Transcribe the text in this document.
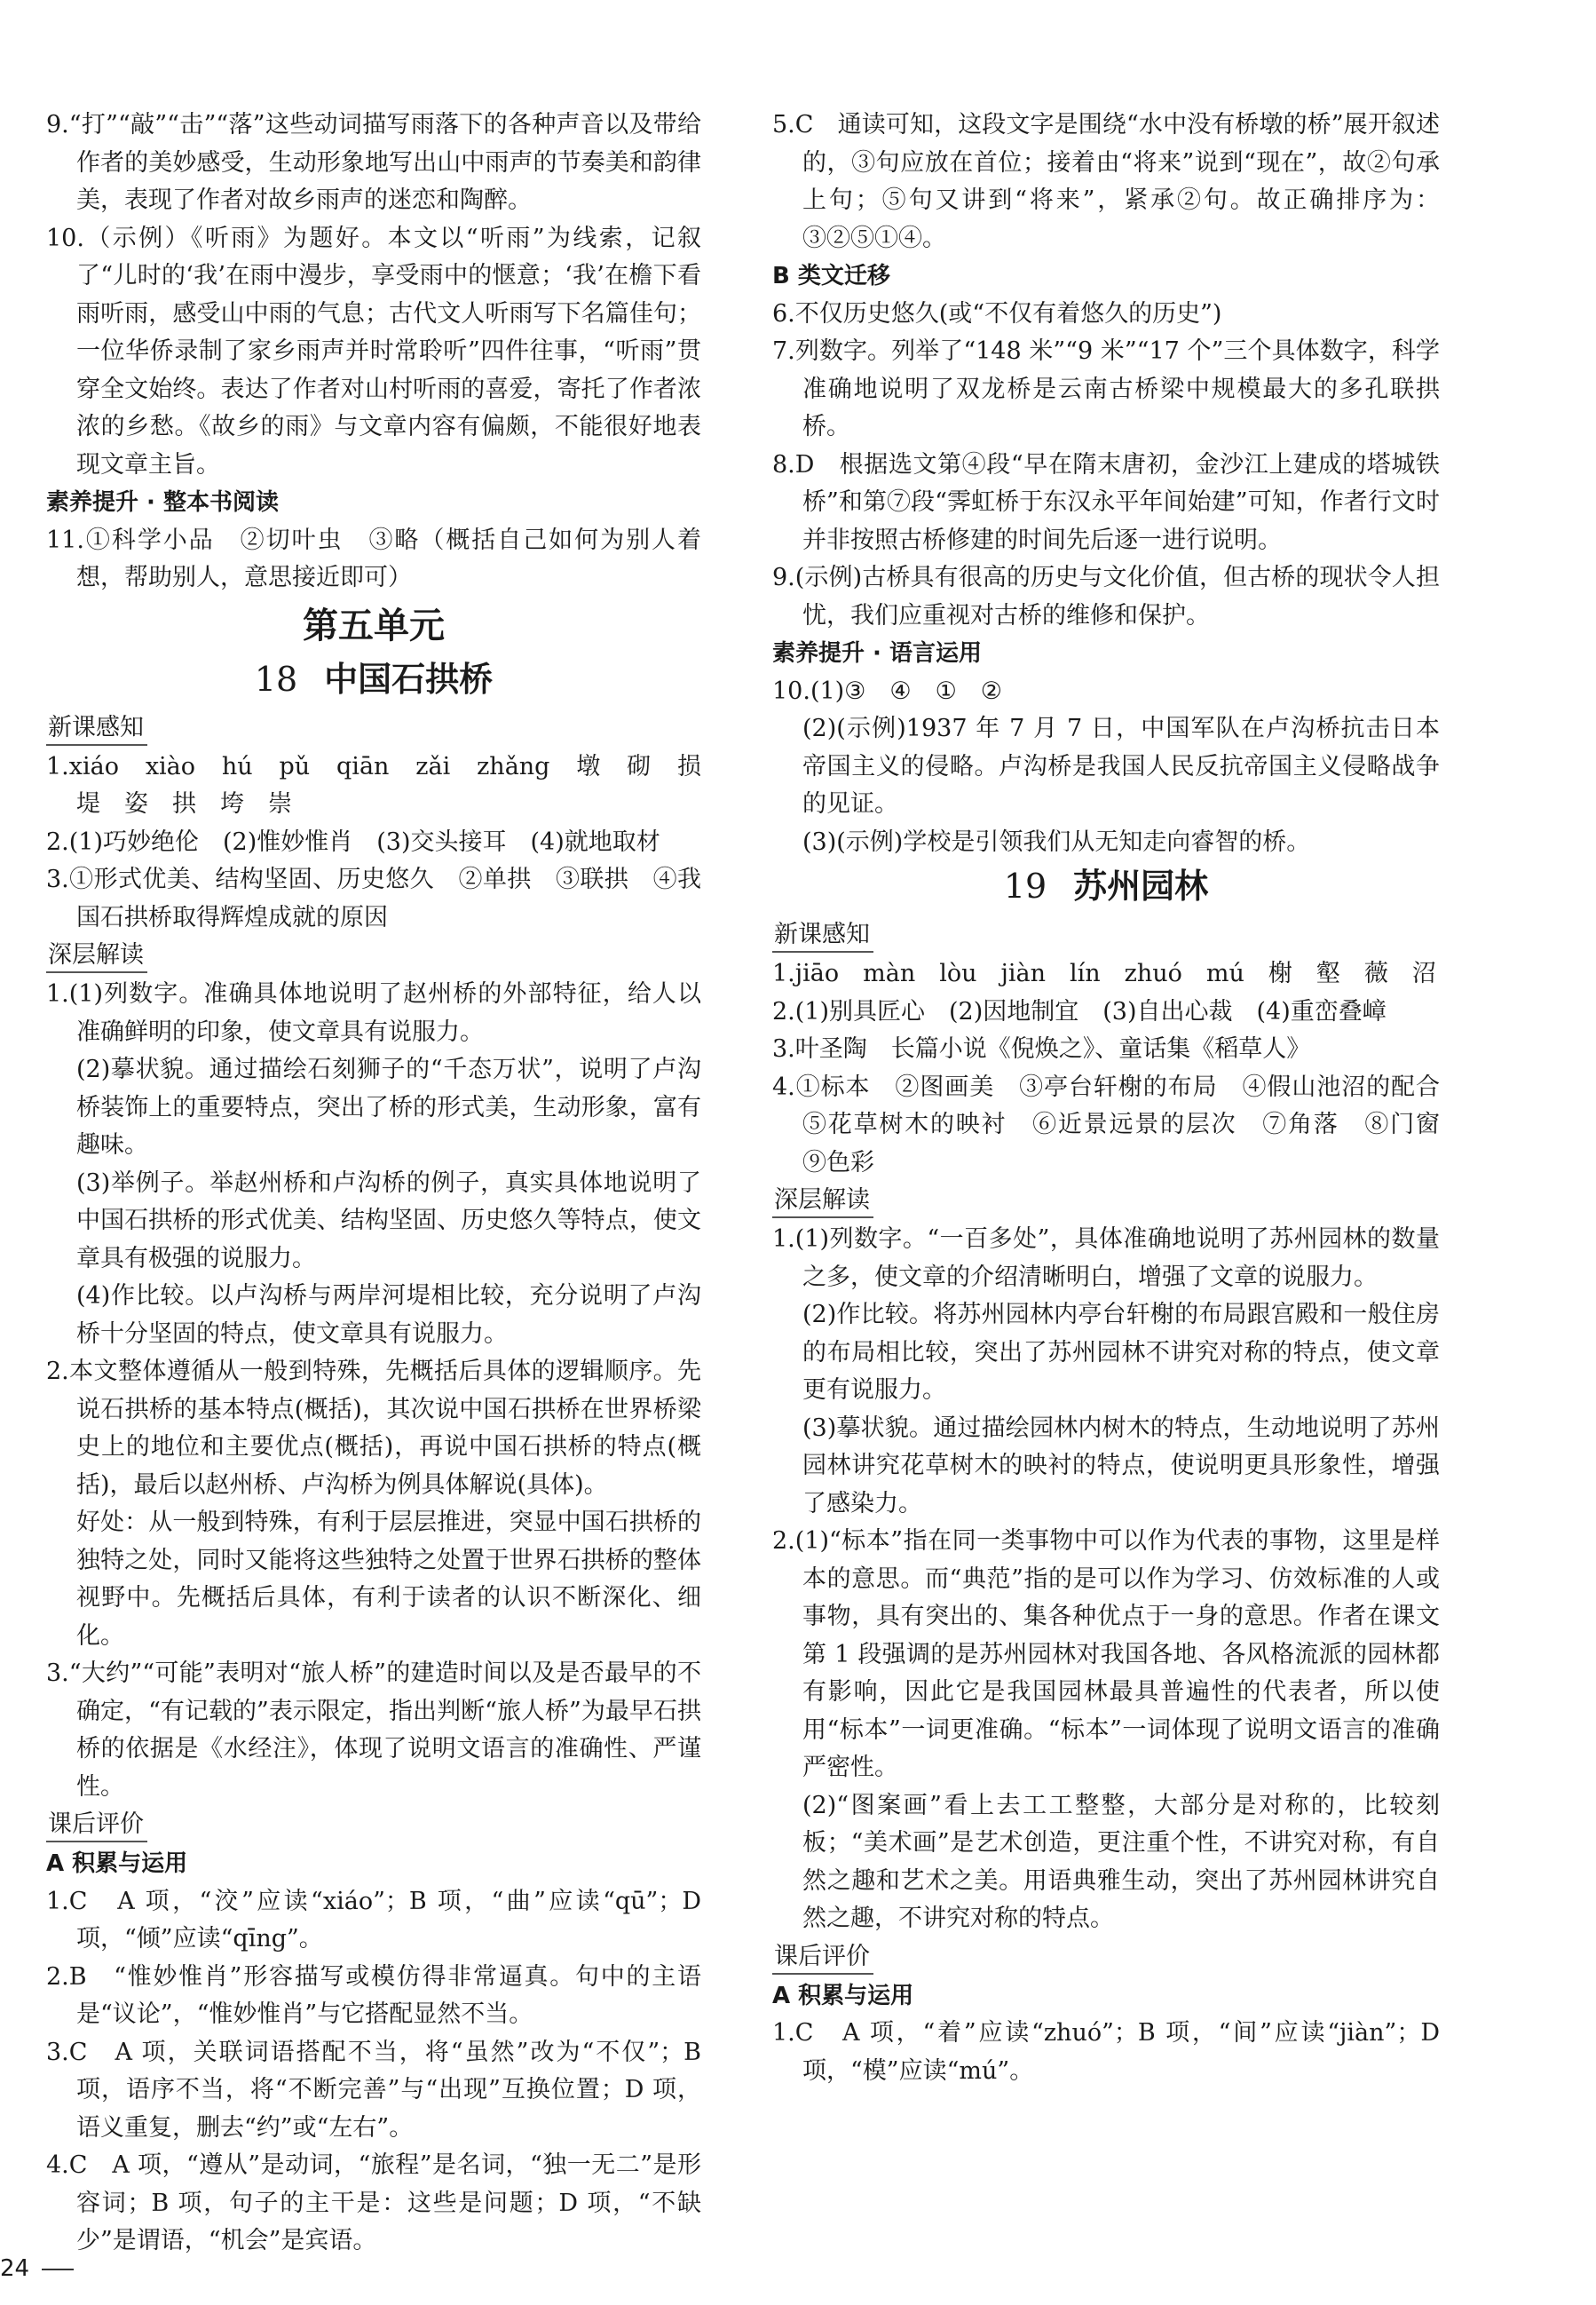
9.“打”“敲”“击”“落”这些动词描写雨落下的各种声音以及带给作者的美妙感受，生动形象地写出山中雨声的节奏美和韵律美，表现了作者对故乡雨声的迷恋和陶醉。

10.（示例）《听雨》为题好。本文以“听雨”为线索，记叙了“儿时的‘我’在雨中漫步，享受雨中的惬意；‘我’在檐下看雨听雨，感受山中雨的气息；古代文人听雨写下名篇佳句；一位华侨录制了家乡雨声并时常聆听”四件往事，“听雨”贯穿全文始终。表达了作者对山村听雨的喜爱，寄托了作者浓浓的乡愁。《故乡的雨》与文章内容有偏颇，不能很好地表现文章主旨。

素养提升 · 整本书阅读

11.①科学小品　②切叶虫　③略（概括自己如何为别人着想，帮助别人，意思接近即可）

第五单元
18 中国石拱桥
新课感知

1.xiáo　xiào　hú　pǔ　qiān　zǎi　zhǎng　墩　砌　损　堤　姿　拱　垮　崇

2.(1)巧妙绝伦　(2)惟妙惟肖　(3)交头接耳　(4)就地取材

3.①形式优美、结构坚固、历史悠久　②单拱　③联拱　④我国石拱桥取得辉煌成就的原因

深层解读

1.(1)列数字。准确具体地说明了赵州桥的外部特征，给人以准确鲜明的印象，使文章具有说服力。

(2)摹状貌。通过描绘石刻狮子的“千态万状”，说明了卢沟桥装饰上的重要特点，突出了桥的形式美，生动形象，富有趣味。

(3)举例子。举赵州桥和卢沟桥的例子，真实具体地说明了中国石拱桥的形式优美、结构坚固、历史悠久等特点，使文章具有极强的说服力。

(4)作比较。以卢沟桥与两岸河堤相比较，充分说明了卢沟桥十分坚固的特点，使文章具有说服力。

2.本文整体遵循从一般到特殊，先概括后具体的逻辑顺序。先说石拱桥的基本特点(概括)，其次说中国石拱桥在世界桥梁史上的地位和主要优点(概括)，再说中国石拱桥的特点(概括)，最后以赵州桥、卢沟桥为例具体解说(具体)。

好处：从一般到特殊，有利于层层推进，突显中国石拱桥的独特之处，同时又能将这些独特之处置于世界石拱桥的整体视野中。先概括后具体，有利于读者的认识不断深化、细化。

3.“大约”“可能”表明对“旅人桥”的建造时间以及是否最早的不确定，“有记载的”表示限定，指出判断“旅人桥”为最早石拱桥的依据是《水经注》，体现了说明文语言的准确性、严谨性。

课后评价
A 积累与运用

1.C　A 项，“洨”应读“xiáo”；B 项，“曲”应读“qū”；D 项，“倾”应读“qīng”。

2.B　“惟妙惟肖”形容描写或模仿得非常逼真。句中的主语是“议论”，“惟妙惟肖”与它搭配显然不当。

3.C　A 项，关联词语搭配不当，将“虽然”改为“不仅”；B 项，语序不当，将“不断完善”与“出现”互换位置；D 项，语义重复，删去“约”或“左右”。

4.C　A 项，“遵从”是动词，“旅程”是名词，“独一无二”是形容词；B 项，句子的主干是：这些是问题；D 项，“不缺少”是谓语，“机会”是宾语。

5.C　通读可知，这段文字是围绕“水中没有桥墩的桥”展开叙述的，③句应放在首位；接着由“将来”说到“现在”，故②句承上句；⑤句又讲到“将来”，紧承②句。故正确排序为：③②⑤①④。

B 类文迁移

6.不仅历史悠久(或“不仅有着悠久的历史”)

7.列数字。列举了“148 米”“9 米”“17 个”三个具体数字，科学准确地说明了双龙桥是云南古桥梁中规模最大的多孔联拱桥。

8.D　根据选文第④段“早在隋末唐初，金沙江上建成的塔城铁桥”和第⑦段“霁虹桥于东汉永平年间始建”可知，作者行文时并非按照古桥修建的时间先后逐一进行说明。

9.(示例)古桥具有很高的历史与文化价值，但古桥的现状令人担忧，我们应重视对古桥的维修和保护。

素养提升 · 语言运用

10.(1)③　④　①　②

(2)(示例)1937 年 7 月 7 日，中国军队在卢沟桥抗击日本帝国主义的侵略。卢沟桥是我国人民反抗帝国主义侵略战争的见证。

(3)(示例)学校是引领我们从无知走向睿智的桥。

19 苏州园林
新课感知

1.jiāo　màn　lòu　jiàn　lín　zhuó　mú　榭　壑　薇　沼

2.(1)别具匠心　(2)因地制宜　(3)自出心裁　(4)重峦叠嶂

3.叶圣陶　长篇小说《倪焕之》、童话集《稻草人》

4.①标本　②图画美　③亭台轩榭的布局　④假山池沼的配合　⑤花草树木的映衬　⑥近景远景的层次　⑦角落　⑧门窗　⑨色彩

深层解读

1.(1)列数字。“一百多处”，具体准确地说明了苏州园林的数量之多，使文章的介绍清晰明白，增强了文章的说服力。

(2)作比较。将苏州园林内亭台轩榭的布局跟宫殿和一般住房的布局相比较，突出了苏州园林不讲究对称的特点，使文章更有说服力。

(3)摹状貌。通过描绘园林内树木的特点，生动地说明了苏州园林讲究花草树木的映衬的特点，使说明更具形象性，增强了感染力。

2.(1)“标本”指在同一类事物中可以作为代表的事物，这里是样本的意思。而“典范”指的是可以作为学习、仿效标准的人或事物，具有突出的、集各种优点于一身的意思。作者在课文第 1 段强调的是苏州园林对我国各地、各风格流派的园林都有影响，因此它是我国园林最具普遍性的代表者，所以使用“标本”一词更准确。“标本”一词体现了说明文语言的准确严密性。

(2)“图案画”看上去工工整整，大部分是对称的，比较刻板；“美术画”是艺术创造，更注重个性，不讲究对称，有自然之趣和艺术之美。用语典雅生动，突出了苏州园林讲究自然之趣，不讲究对称的特点。

课后评价
A 积累与运用

1.C　A 项，“着”应读“zhuó”；B 项，“间”应读“jiàn”；D 项，“模”应读“mú”。

24
